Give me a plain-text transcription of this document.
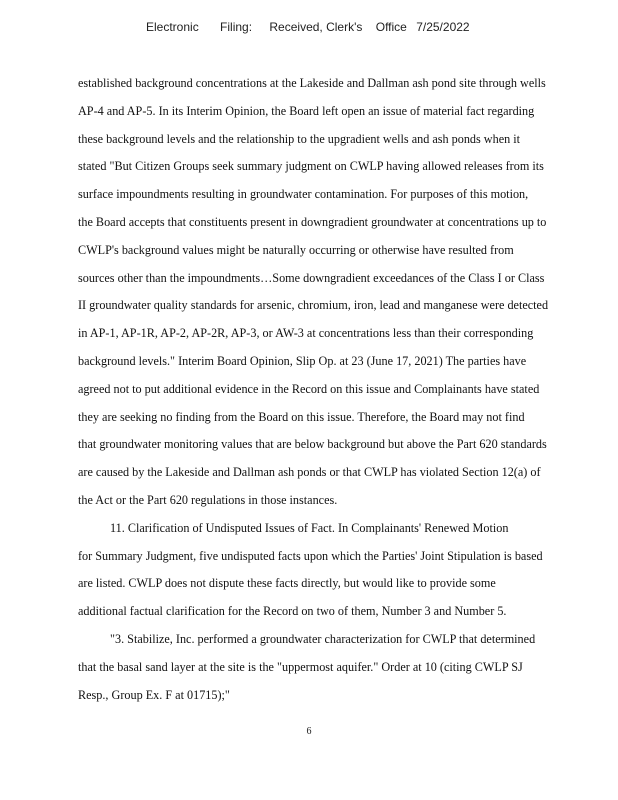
Electronic Filing: Received, Clerk's Office 7/25/2022
established background concentrations at the Lakeside and Dallman ash pond site through wells
AP-4 and AP-5. In its Interim Opinion, the Board left open an issue of material fact regarding
these background levels and the relationship to the upgradient wells and ash ponds when it
stated "But Citizen Groups seek summary judgment on CWLP having allowed releases from its
surface impoundments resulting in groundwater contamination. For purposes of this motion,
the Board accepts that constituents present in downgradient groundwater at concentrations up to
CWLP's background values might be naturally occurring or otherwise have resulted from
sources other than the impoundments…Some downgradient exceedances of the Class I or Class
II groundwater quality standards for arsenic, chromium, iron, lead and manganese were detected
in AP-1, AP-1R, AP-2, AP-2R, AP-3, or AW-3 at concentrations less than their corresponding
background levels." Interim Board Opinion, Slip Op. at 23 (June 17, 2021) The parties have
agreed not to put additional evidence in the Record on this issue and Complainants have stated
they are seeking no finding from the Board on this issue. Therefore, the Board may not find
that groundwater monitoring values that are below background but above the Part 620 standards
are caused by the Lakeside and Dallman ash ponds or that CWLP has violated Section 12(a) of
the Act or the Part 620 regulations in those instances.
11. Clarification of Undisputed Issues of Fact. In Complainants' Renewed Motion
for Summary Judgment, five undisputed facts upon which the Parties' Joint Stipulation is based
are listed. CWLP does not dispute these facts directly, but would like to provide some
additional factual clarification for the Record on two of them, Number 3 and Number 5.
"3. Stabilize, Inc. performed a groundwater characterization for CWLP that determined
that the basal sand layer at the site is the "uppermost aquifer." Order at 10 (citing CWLP SJ
Resp., Group Ex. F at 01715);"
6
